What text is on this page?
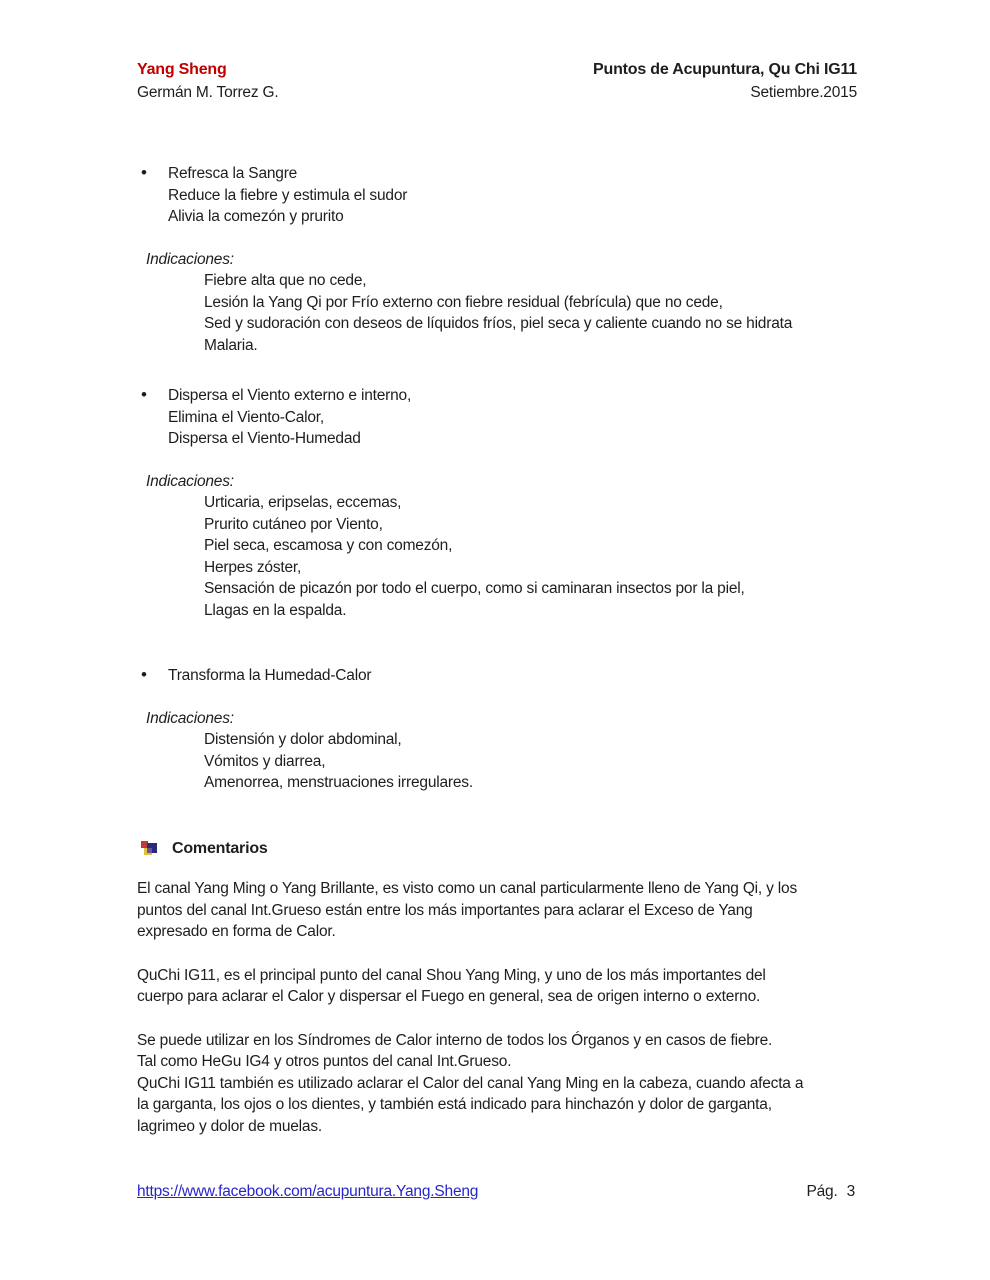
Yang Sheng
Germán M. Torrez G.
Puntos de Acupuntura, Qu Chi IG11
Setiembre.2015
• Refresca la Sangre
Reduce la fiebre y estimula el sudor
Alivia la comezón y prurito
Indicaciones:
Fiebre alta que no cede,
Lesión la Yang Qi por Frío externo con fiebre residual (febrícula) que no cede,
Sed y sudoración con deseos de líquidos fríos, piel seca y caliente cuando no se hidrata
Malaria.
• Dispersa el Viento externo e interno,
Elimina el Viento-Calor,
Dispersa el Viento-Humedad
Indicaciones:
Urticaria, eripselas, eccemas,
Prurito cutáneo por Viento,
Piel seca, escamosa y con comezón,
Herpes zóster,
Sensación de picazón por todo el cuerpo, como si caminaran insectos por la piel,
Llagas en la espalda.
• Transforma la Humedad-Calor
Indicaciones:
Distensión y dolor abdominal,
Vómitos y diarrea,
Amenorrea, menstruaciones irregulares.
Comentarios
El canal Yang Ming o Yang Brillante, es visto como un canal particularmente lleno de Yang Qi, y los
puntos del canal Int.Grueso están entre los más importantes para aclarar el Exceso de Yang
expresado en forma de Calor.
QuChi IG11, es el principal punto del canal Shou Yang Ming, y uno de los más importantes del
cuerpo para aclarar el Calor y dispersar el Fuego en general, sea de origen interno o externo.
Se puede utilizar en los Síndromes de Calor interno de todos los Órganos y en casos de fiebre.
Tal como HeGu IG4 y otros puntos del canal Int.Grueso.
QuChi IG11 también es utilizado aclarar el Calor del canal Yang Ming en la cabeza, cuando afecta a
la garganta, los ojos o los dientes, y también está indicado para hinchazón y dolor de garganta,
lagrimeo y dolor de muelas.
https://www.facebook.com/acupuntura.Yang.Sheng	Pág. 3
